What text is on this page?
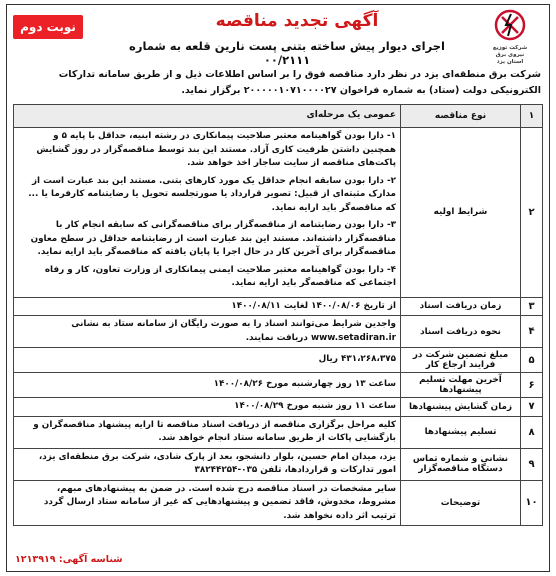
نوبت دوم	آگهی تجدید مناقصه
اجرای دیوار پیش ساخته بتنی پست نارین قلعه به شماره ۰۰/۲۱۱۱
شرکت توزیع
نیروی برق
استان یزد
شرکت برق منطقه‌ای یزد در نظر دارد مناقصه فوق را بر اساس اطلاعات ذیل و از طریق سامانه تدارکات الکترونیکی دولت (ستاد) به شماره فراخوان ۲۰۰۰۰۰۱۰۷۱۰۰۰۰۲۷ برگزار نماید.
۱	نوع مناقصه	عمومی یک مرحله‌ای
۲	شرایط اولیه	۱- دارا بودن گواهینامه معتبر صلاحیت پیمانکاری در رشته ابنیه، حداقل با پایه ۵ و همچنین داشتن ظرفیت کاری آزاد. مستند این بند توسط مناقصه‌گزار در روز گشایش پاکت‌های مناقصه از سایت ساجار اخذ خواهد شد.

۲- دارا بودن سابقه انجام حداقل یک مورد کارهای بتنی. مستند این بند عبارت است از مدارک مثبته‌ای از قبیل: تصویر قرارداد یا صورتجلسه تحویل یا رضایتنامه کارفرما یا ... که مناقصه‌گر باید ارایه نماید.

۳- دارا بودن رضایتنامه از مناقصه‌گزار برای مناقصه‌گرانی که سابقه انجام کار با مناقصه‌گزار داشته‌اند. مستند این بند عبارت است از رضایتنامه حداقل در سطح معاون مناقصه‌گزار برای آخرین کار در حال اجرا یا پایان یافته که مناقصه‌گر باید ارایه نماید.

۴- دارا بودن گواهینامه معتبر صلاحیت ایمنی پیمانکاری از وزارت تعاون، کار و رفاه اجتماعی که مناقصه‌گر باید ارایه نماید.

۳	زمان دریافت اسناد	از تاریخ ۱۴۰۰/۰۸/۰۶ لغایت ۱۴۰۰/۰۸/۱۱
۴	نحوه دریافت اسناد	واجدین شرایط می‌توانند اسناد را به صورت رایگان از سامانه ستاد به نشانی www.setadiran.ir دریافت نمایند.
۵	مبلغ تضمین شرکت در فرایند ارجاع کار	۴۳۱،۲۶۸،۳۷۵ ریال
۶	آخرین مهلت تسلیم پیشنهادها	ساعت ۱۳ روز چهارشنبه مورخ ۱۴۰۰/۰۸/۲۶
۷	زمان گشایش پیشنهادها	ساعت ۱۱ روز شنبه مورخ ۱۴۰۰/۰۸/۲۹
۸	تسلیم پیشنهادها	کلیه مراحل برگزاری مناقصه از دریافت اسناد مناقصه تا ارایه پیشنهاد مناقصه‌گران و بازگشایی پاکات از طریق سامانه ستاد انجام خواهد شد.
۹	نشانی و شماره تماس دستگاه مناقصه‌گزار	یزد، میدان امام حسین، بلوار دانشجو، بعد از پارک شادی، شرکت برق منطقه‌ای یزد، امور تدارکات و قراردادها، تلفن ۰۳۵-۳۸۲۴۴۲۵۴
۱۰	توضیحات	سایر مشخصات در اسناد مناقصه درج شده است. در ضمن به پیشنهادهای مبهم، مشروط، مخدوش، فاقد تضمین و پیشنهادهایی که غیر از سامانه ستاد ارسال گردد ترتیب اثر داده نخواهد شد.
شناسه آگهی: ۱۲۱۳۹۱۹
